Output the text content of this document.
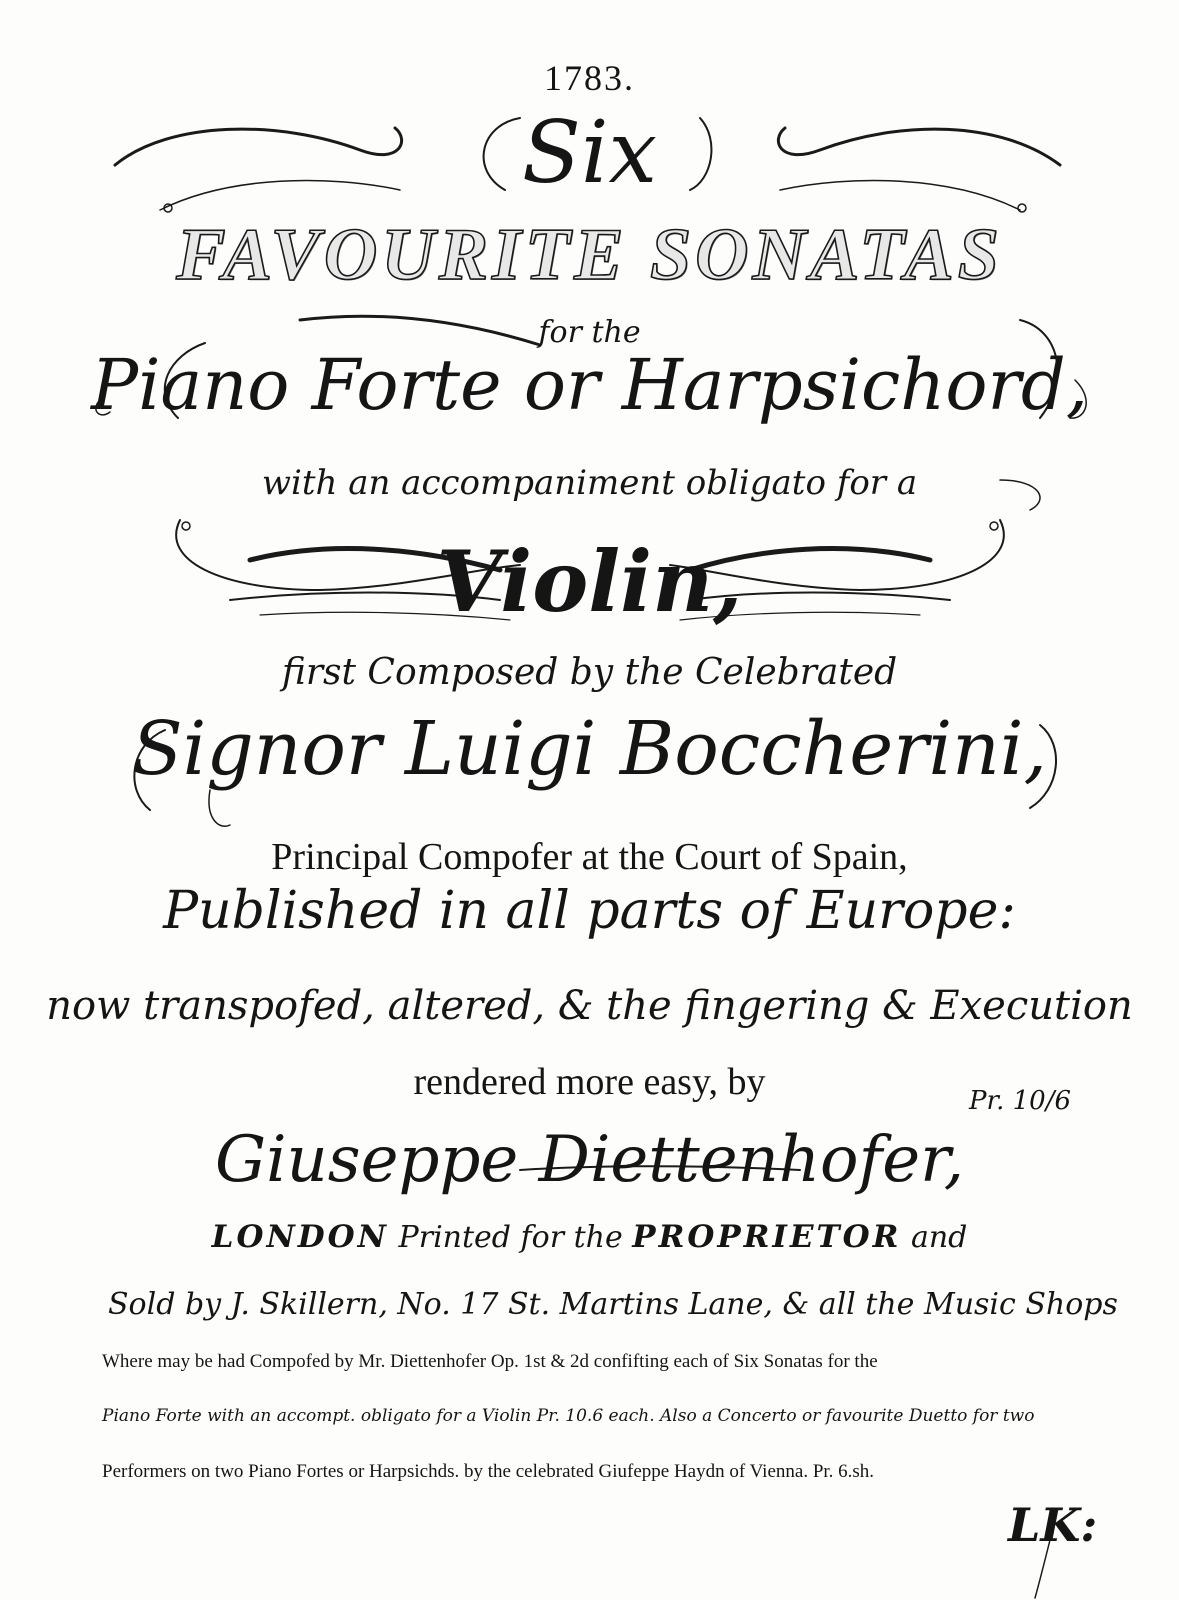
1783.
Six
FAVOURITE SONATAS
for the
Piano Forte or Harpsichord,
with an accompaniment obligato for a
Violin,
first Composed by the Celebrated
Signor Luigi Boccherini,
Principal Compofer at the Court of Spain,
Published in all parts of Europe:
now transpofed, altered, & the fingering & Execution
rendered more easy, by	Pr. 10/6
Giuseppe Diettenhofer,
LONDON Printed for the PROPRIETOR and
Sold by J. Skillern, No. 17 St. Martins Lane, & all the Music Shops
Where may be had Compofed by Mr. Diettenhofer Op. 1st & 2d confifting each of Six Sonatas for the
Piano Forte with an accompt. obligato for a Violin Pr. 10.6 each. Also a Concerto or favourite Duetto for two
Performers on two Piano Fortes or Harpsichds. by the celebrated Giufeppe Haydn of Vienna. Pr. 6.sh.
LK:
